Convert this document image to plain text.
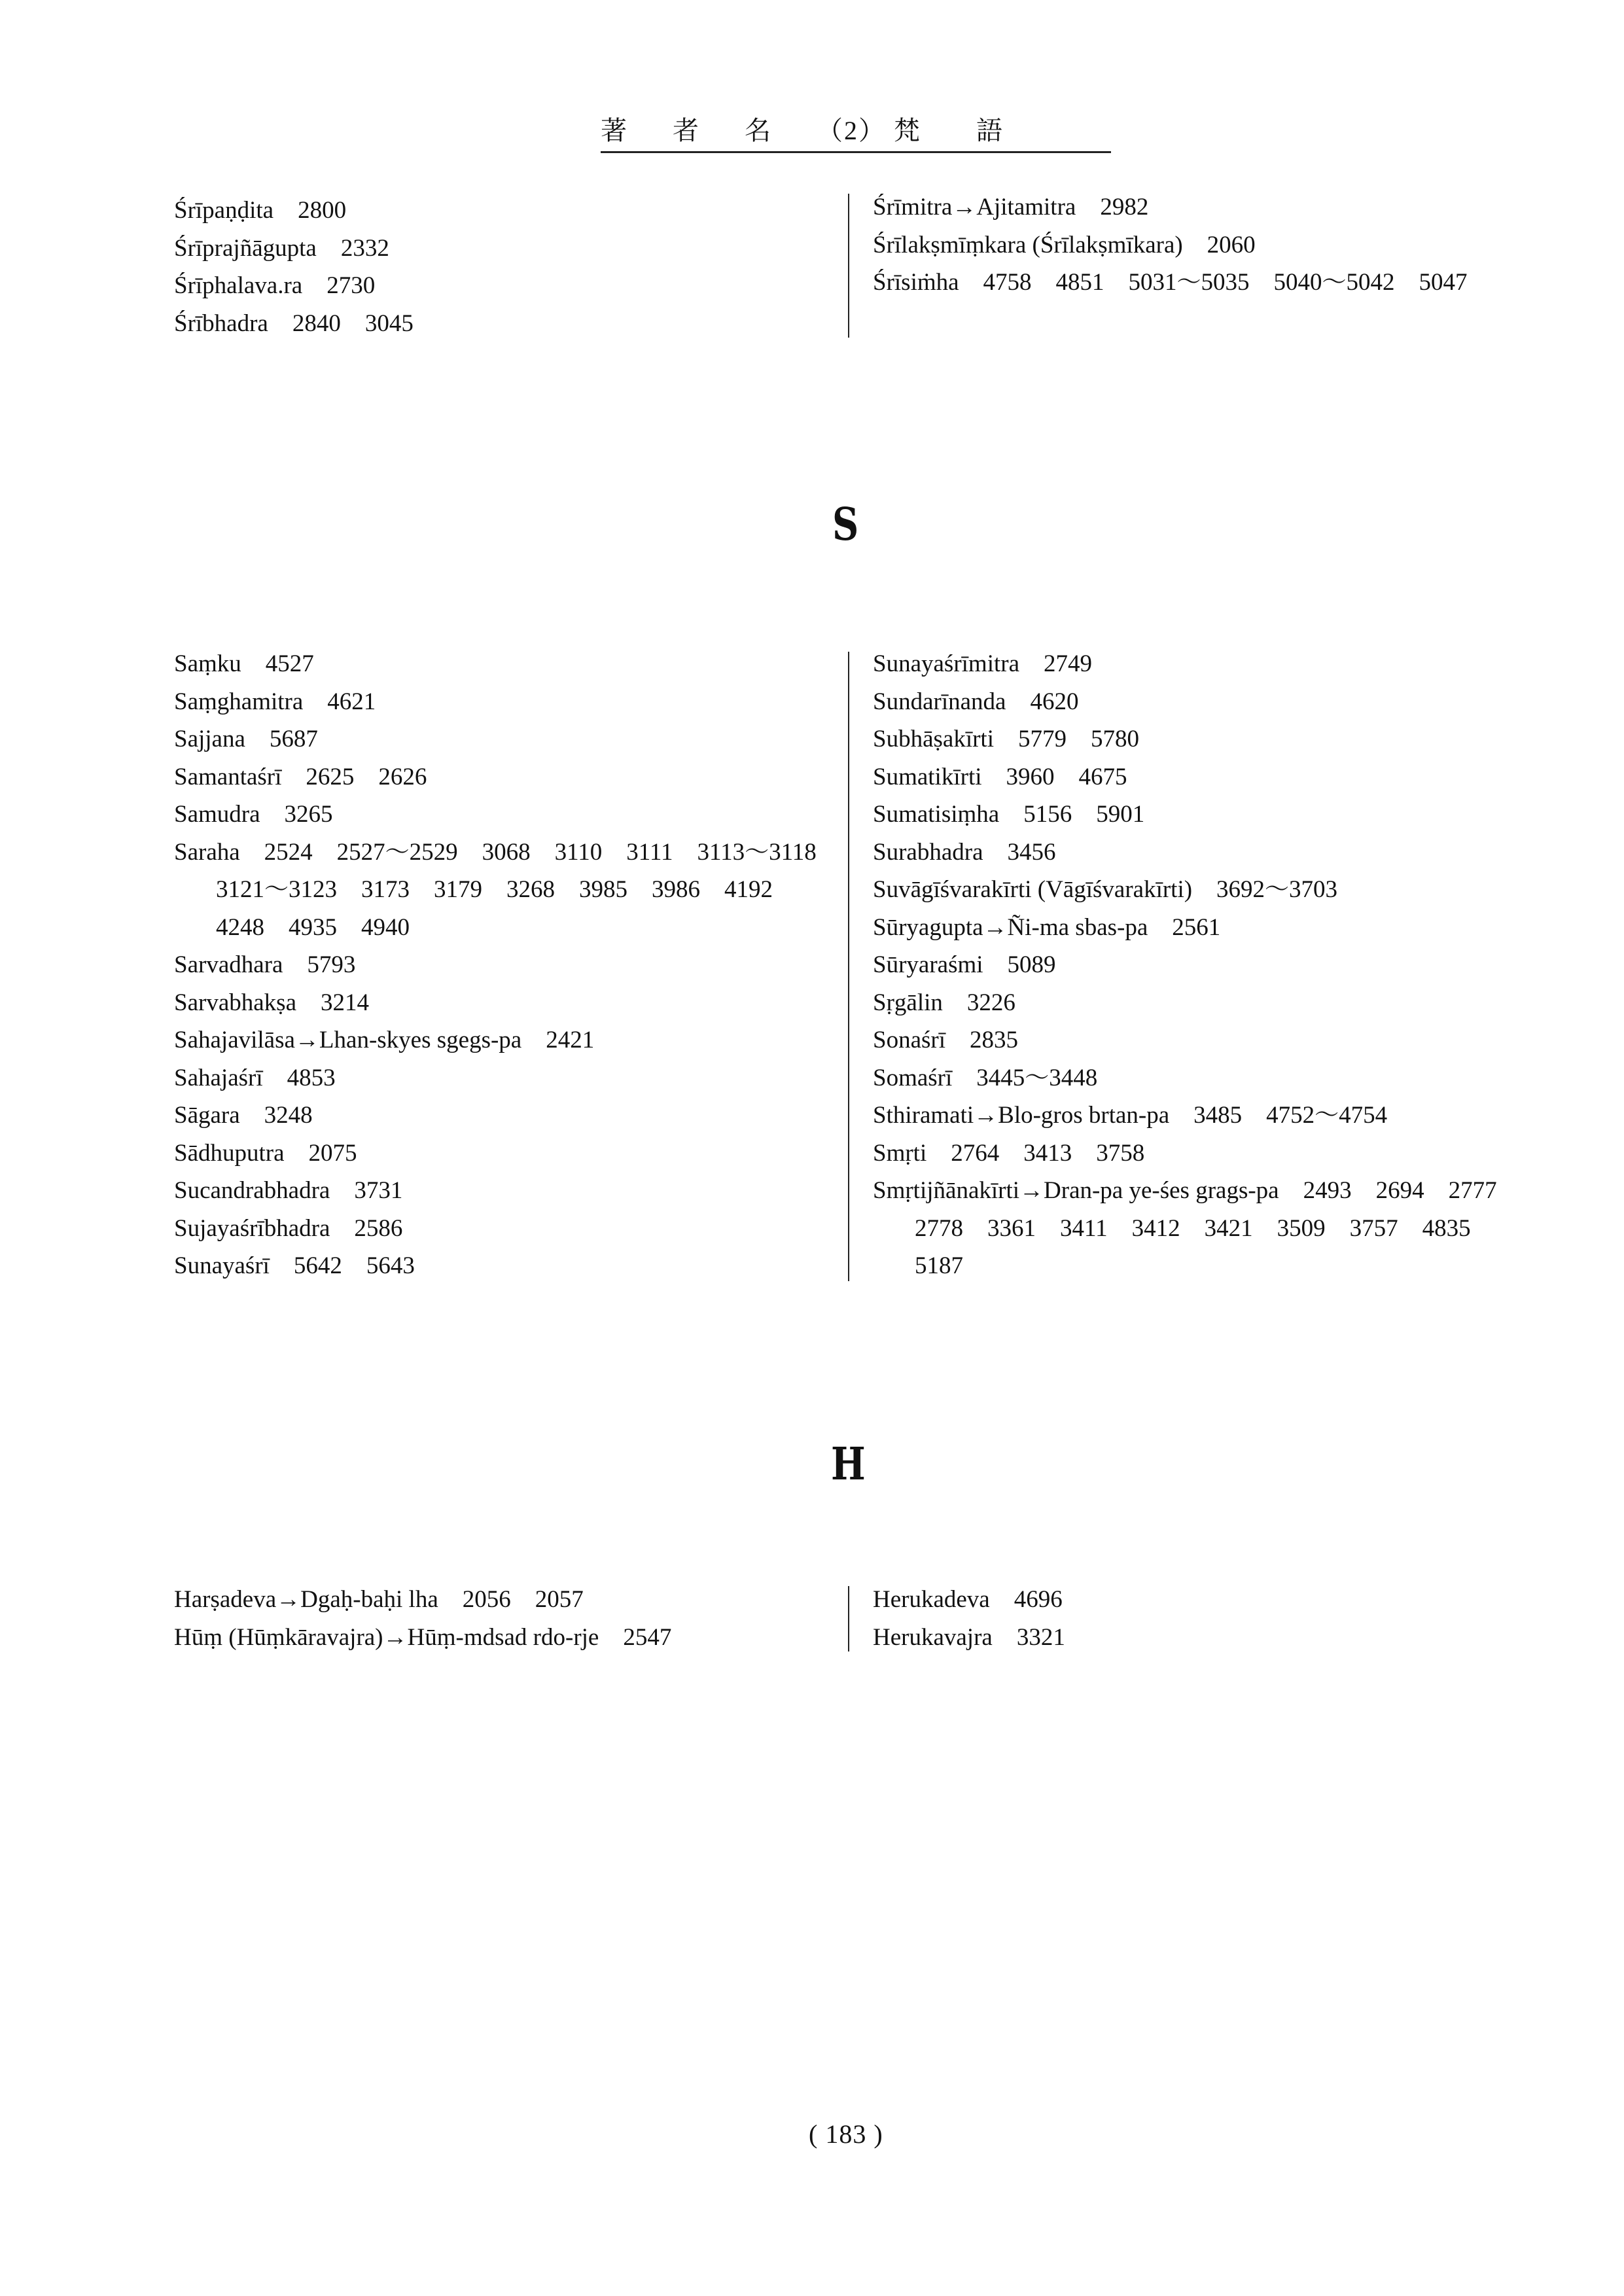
著 者 名 （2） 梵　　語
Śrīpaṇḍita　2800
Śrīprajñāgupta　2332
Śrīphalava.ra　2730
Śrībhadra　2840　3045
Śrīmitra→Ajitamitra　2982
Śrīlakṣmīṃkara (Śrīlakṣmīkara)　2060
Śrīsiṁha　4758　4851　5031〜5035　5040〜5042　5047
S
Saṃku　4527
Saṃghamitra　4621
Sajjana　5687
Samantaśrī　2625　2626
Samudra　3265
Saraha　2524　2527〜2529　3068　3110　3111　3113〜3118　3121〜3123　3173　3179　3268　3985　3986　4192　4248　4935　4940
Sarvadhara　5793
Sarvabhakṣa　3214
Sahajavilāsa→Lhan-skyes sgegs-pa　2421
Sahajaśrī　4853
Sāgara　3248
Sādhuputra　2075
Sucandrabhadra　3731
Sujayaśrībhadra　2586
Sunayaśrī　5642　5643
Sunayaśrīmitra　2749
Sundarīnanda　4620
Subhāṣakīrti　5779　5780
Sumatikīrti　3960　4675
Sumatisiṃha　5156　5901
Surabhadra　3456
Suvāgīśvarakīrti (Vāgīśvarakīrti)　3692〜3703
Sūryagupta→Ñi-ma sbas-pa　2561
Sūryaraśmi　5089
Sṛgālin　3226
Sonaśrī　2835
Somaśrī　3445〜3448
Sthiramati→Blo-gros brtan-pa　3485　4752〜4754
Smṛti　2764　3413　3758
Smṛtijñānakīrti→Dran-pa ye-śes grags-pa　2493　2694　2777　2778　3361　3411　3412　3421　3509　3757　4835　5187
H
Harṣadeva→Dgaḥ-baḥi lha　2056　2057
Hūṃ (Hūṃkāravajra)→Hūṃ-mdsad rdo-rje　2547
Herukadeva　4696
Herukavajra　3321
( 183 )
